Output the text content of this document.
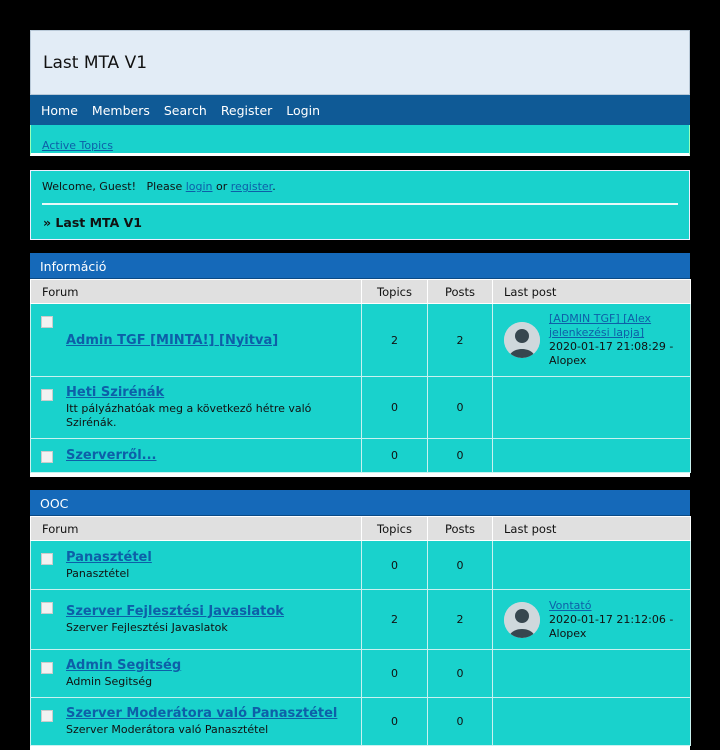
Last MTA V1
Home	Members	Search	Register	Login
Active Topics
Welcome, Guest!   Please login or register.
» Last MTA V1
Információ
Forum	Topics	Posts	Last post

Admin TGF [MINTA!] [Nyitva]	2	2	[ADMIN TGF] [Alex jelenkezési lapja]
2020-01-17 21:08:29 -
Alopex

Heti Szirénák
Itt pályázhatóak meg a következő hétre való Szirénák.	0	0	

Szerverről...	0	0	
OOC
Forum	Topics	Posts	Last post

Panasztétel
Panasztétel	0	0	

Szerver Fejlesztési Javaslatok
Szerver Fejlesztési Javaslatok	2	2	Vontató
2020-01-17 21:12:06 -
Alopex

Admin Segitség
Admin Segitség	0	0	

Szerver Moderátora való Panasztétel
Szerver Moderátora való Panasztétel	0	0	
